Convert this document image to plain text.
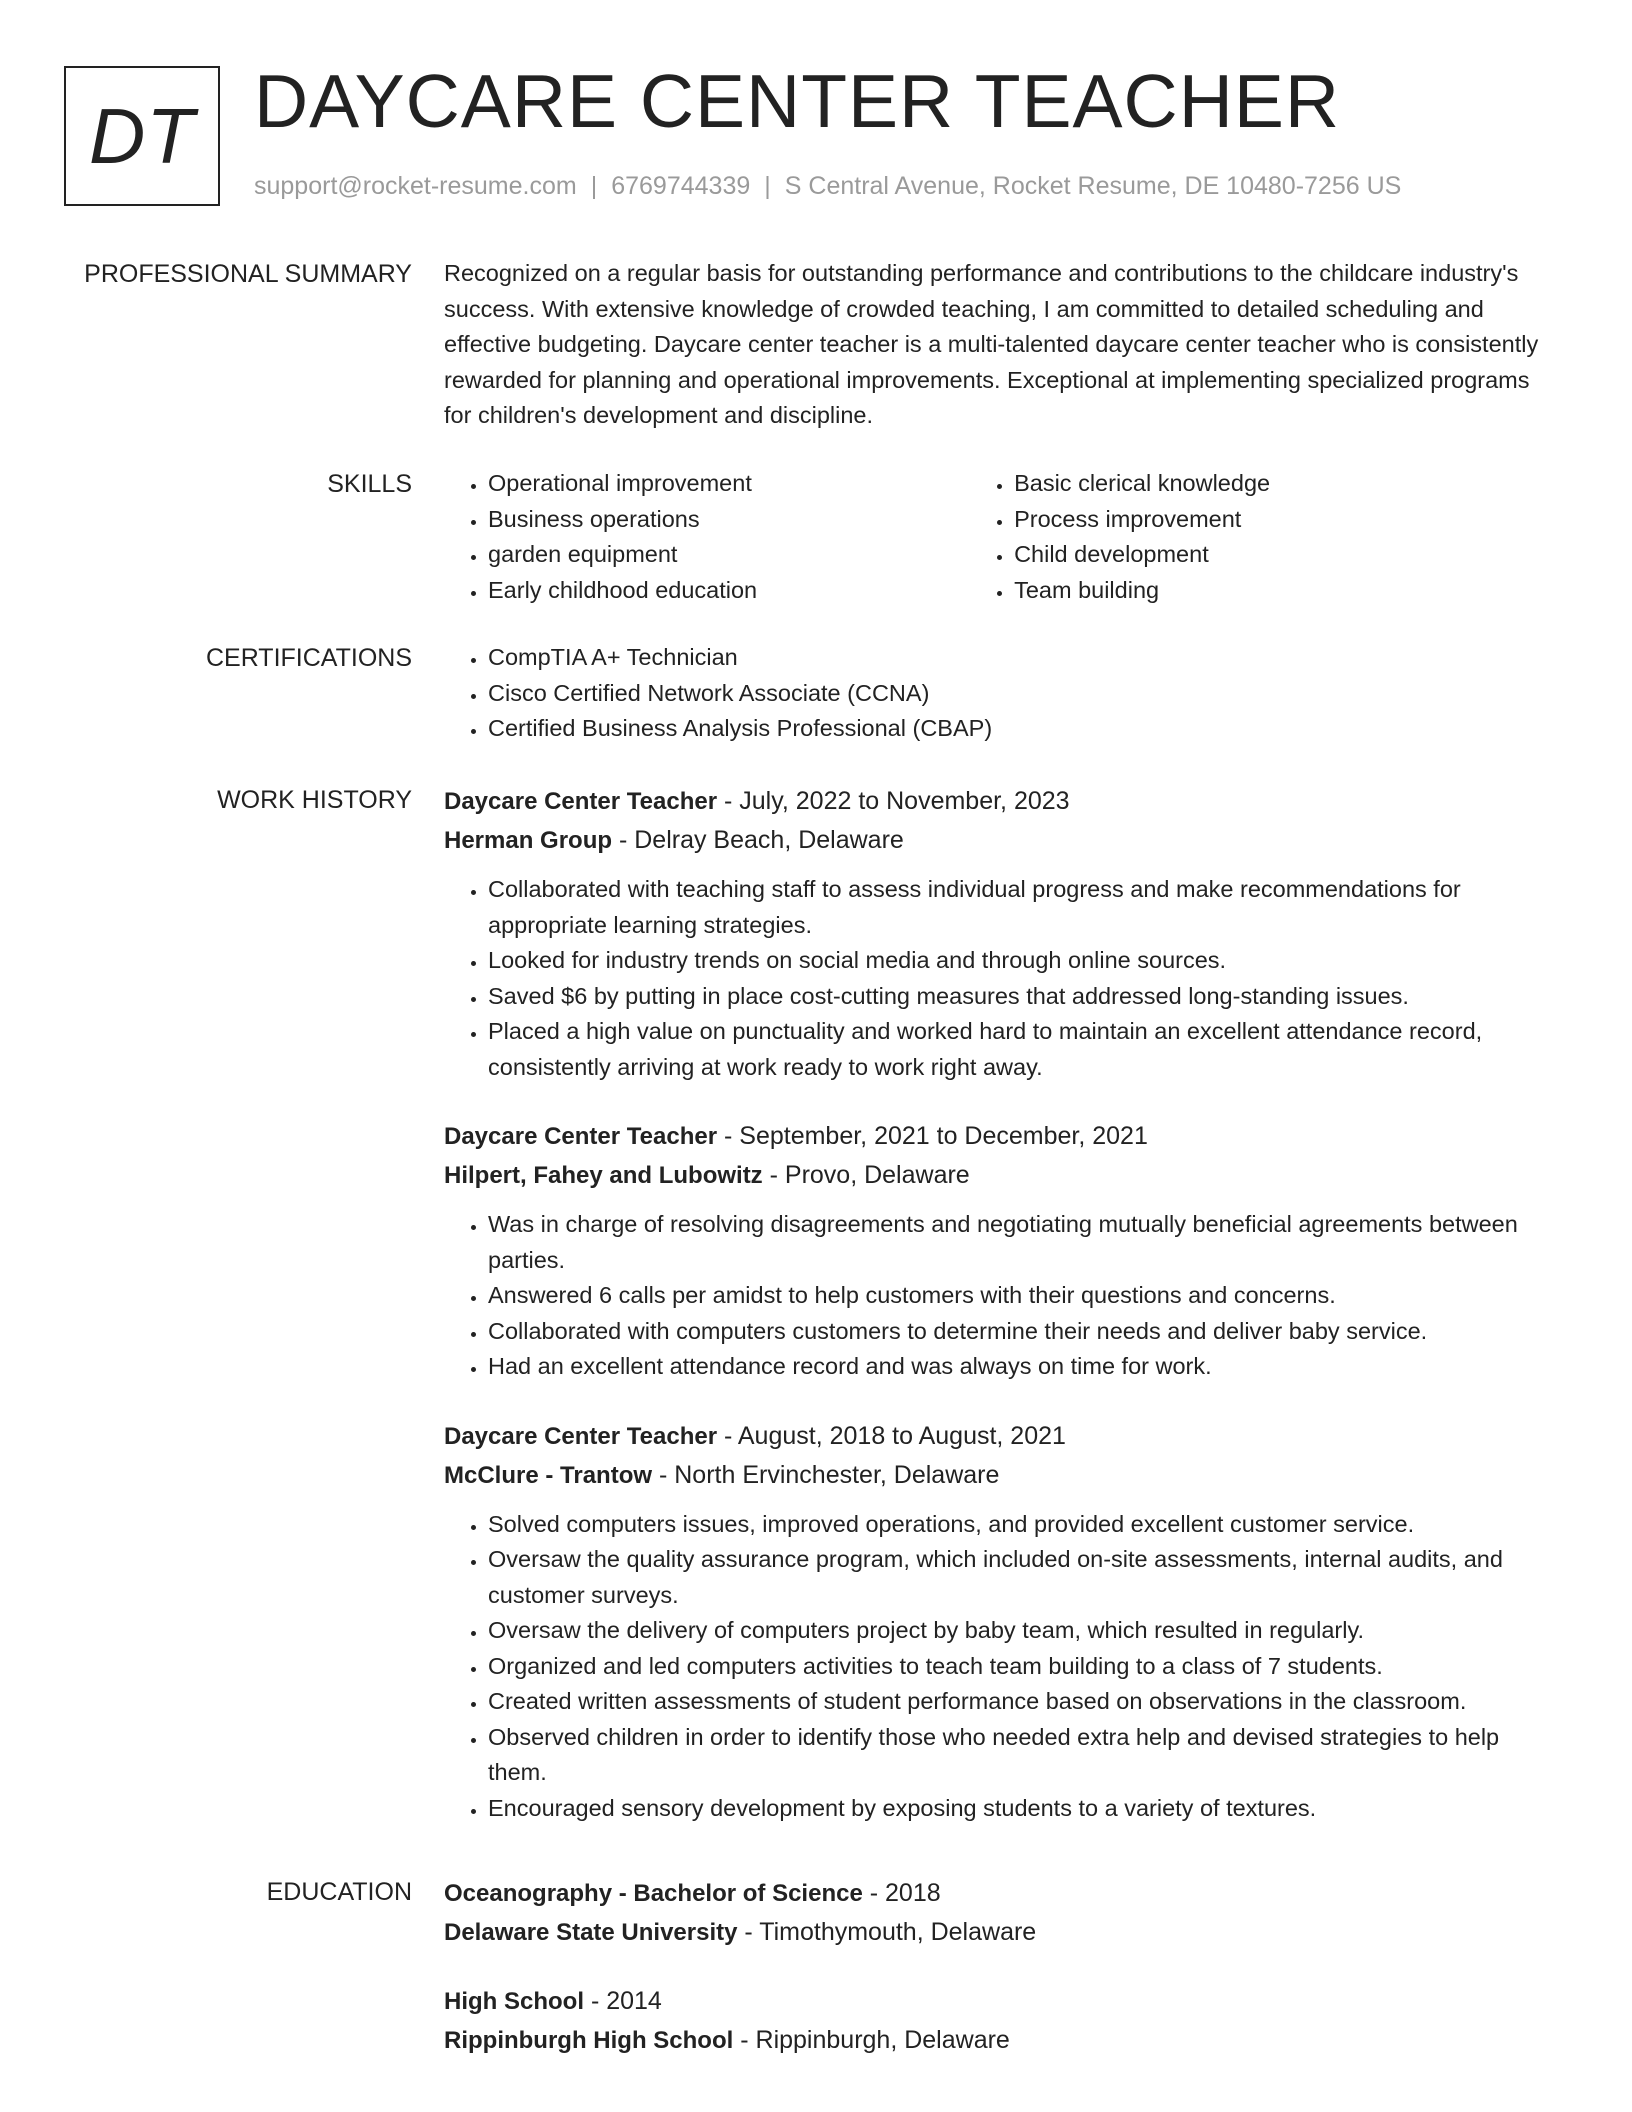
DT DAYCARE CENTER TEACHER
support@rocket-resume.com | 6769744339 | S Central Avenue, Rocket Resume, DE 10480-7256 US
PROFESSIONAL SUMMARY Recognized on a regular basis for outstanding performance and contributions to the childcare industry's success. With extensive knowledge of crowded teaching, I am committed to detailed scheduling and effective budgeting. Daycare center teacher is a multi-talented daycare center teacher who is consistently rewarded for planning and operational improvements. Exceptional at implementing specialized programs for children's development and discipline.

SKILLS	• Operational improvement
• Business operations
• garden equipment
• Early childhood education
• Basic clerical knowledge
• Process improvement
• Child development
• Team building
CERTIFICATIONS	• CompTIA A+ Technician
• Cisco Certified Network Associate (CCNA)
• Certified Business Analysis Professional (CBAP)
WORK HISTORY Daycare Center Teacher - July, 2022 to November, 2023
Herman Group - Delray Beach, Delaware
• Collaborated with teaching staff to assess individual progress and make recommendations for appropriate learning strategies.
• Looked for industry trends on social media and through online sources.
• Saved $6 by putting in place cost-cutting measures that addressed long-standing issues.
• Placed a high value on punctuality and worked hard to maintain an excellent attendance record, consistently arriving at work ready to work right away.
Daycare Center Teacher - September, 2021 to December, 2021
Hilpert, Fahey and Lubowitz - Provo, Delaware
• Was in charge of resolving disagreements and negotiating mutually beneficial agreements between parties.
• Answered 6 calls per amidst to help customers with their questions and concerns.
• Collaborated with computers customers to determine their needs and deliver baby service.
• Had an excellent attendance record and was always on time for work.
Daycare Center Teacher - August, 2018 to August, 2021
McClure - Trantow - North Ervinchester, Delaware
• Solved computers issues, improved operations, and provided excellent customer service.
• Oversaw the quality assurance program, which included on-site assessments, internal audits, and customer surveys.
• Oversaw the delivery of computers project by baby team, which resulted in regularly.
• Organized and led computers activities to teach team building to a class of 7 students.
• Created written assessments of student performance based on observations in the classroom.
• Observed children in order to identify those who needed extra help and devised strategies to help them.
• Encouraged sensory development by exposing students to a variety of textures.
EDUCATION Oceanography - Bachelor of Science - 2018
Delaware State University - Timothymouth, Delaware
High School - 2014
Rippinburgh High School - Rippinburgh, Delaware
